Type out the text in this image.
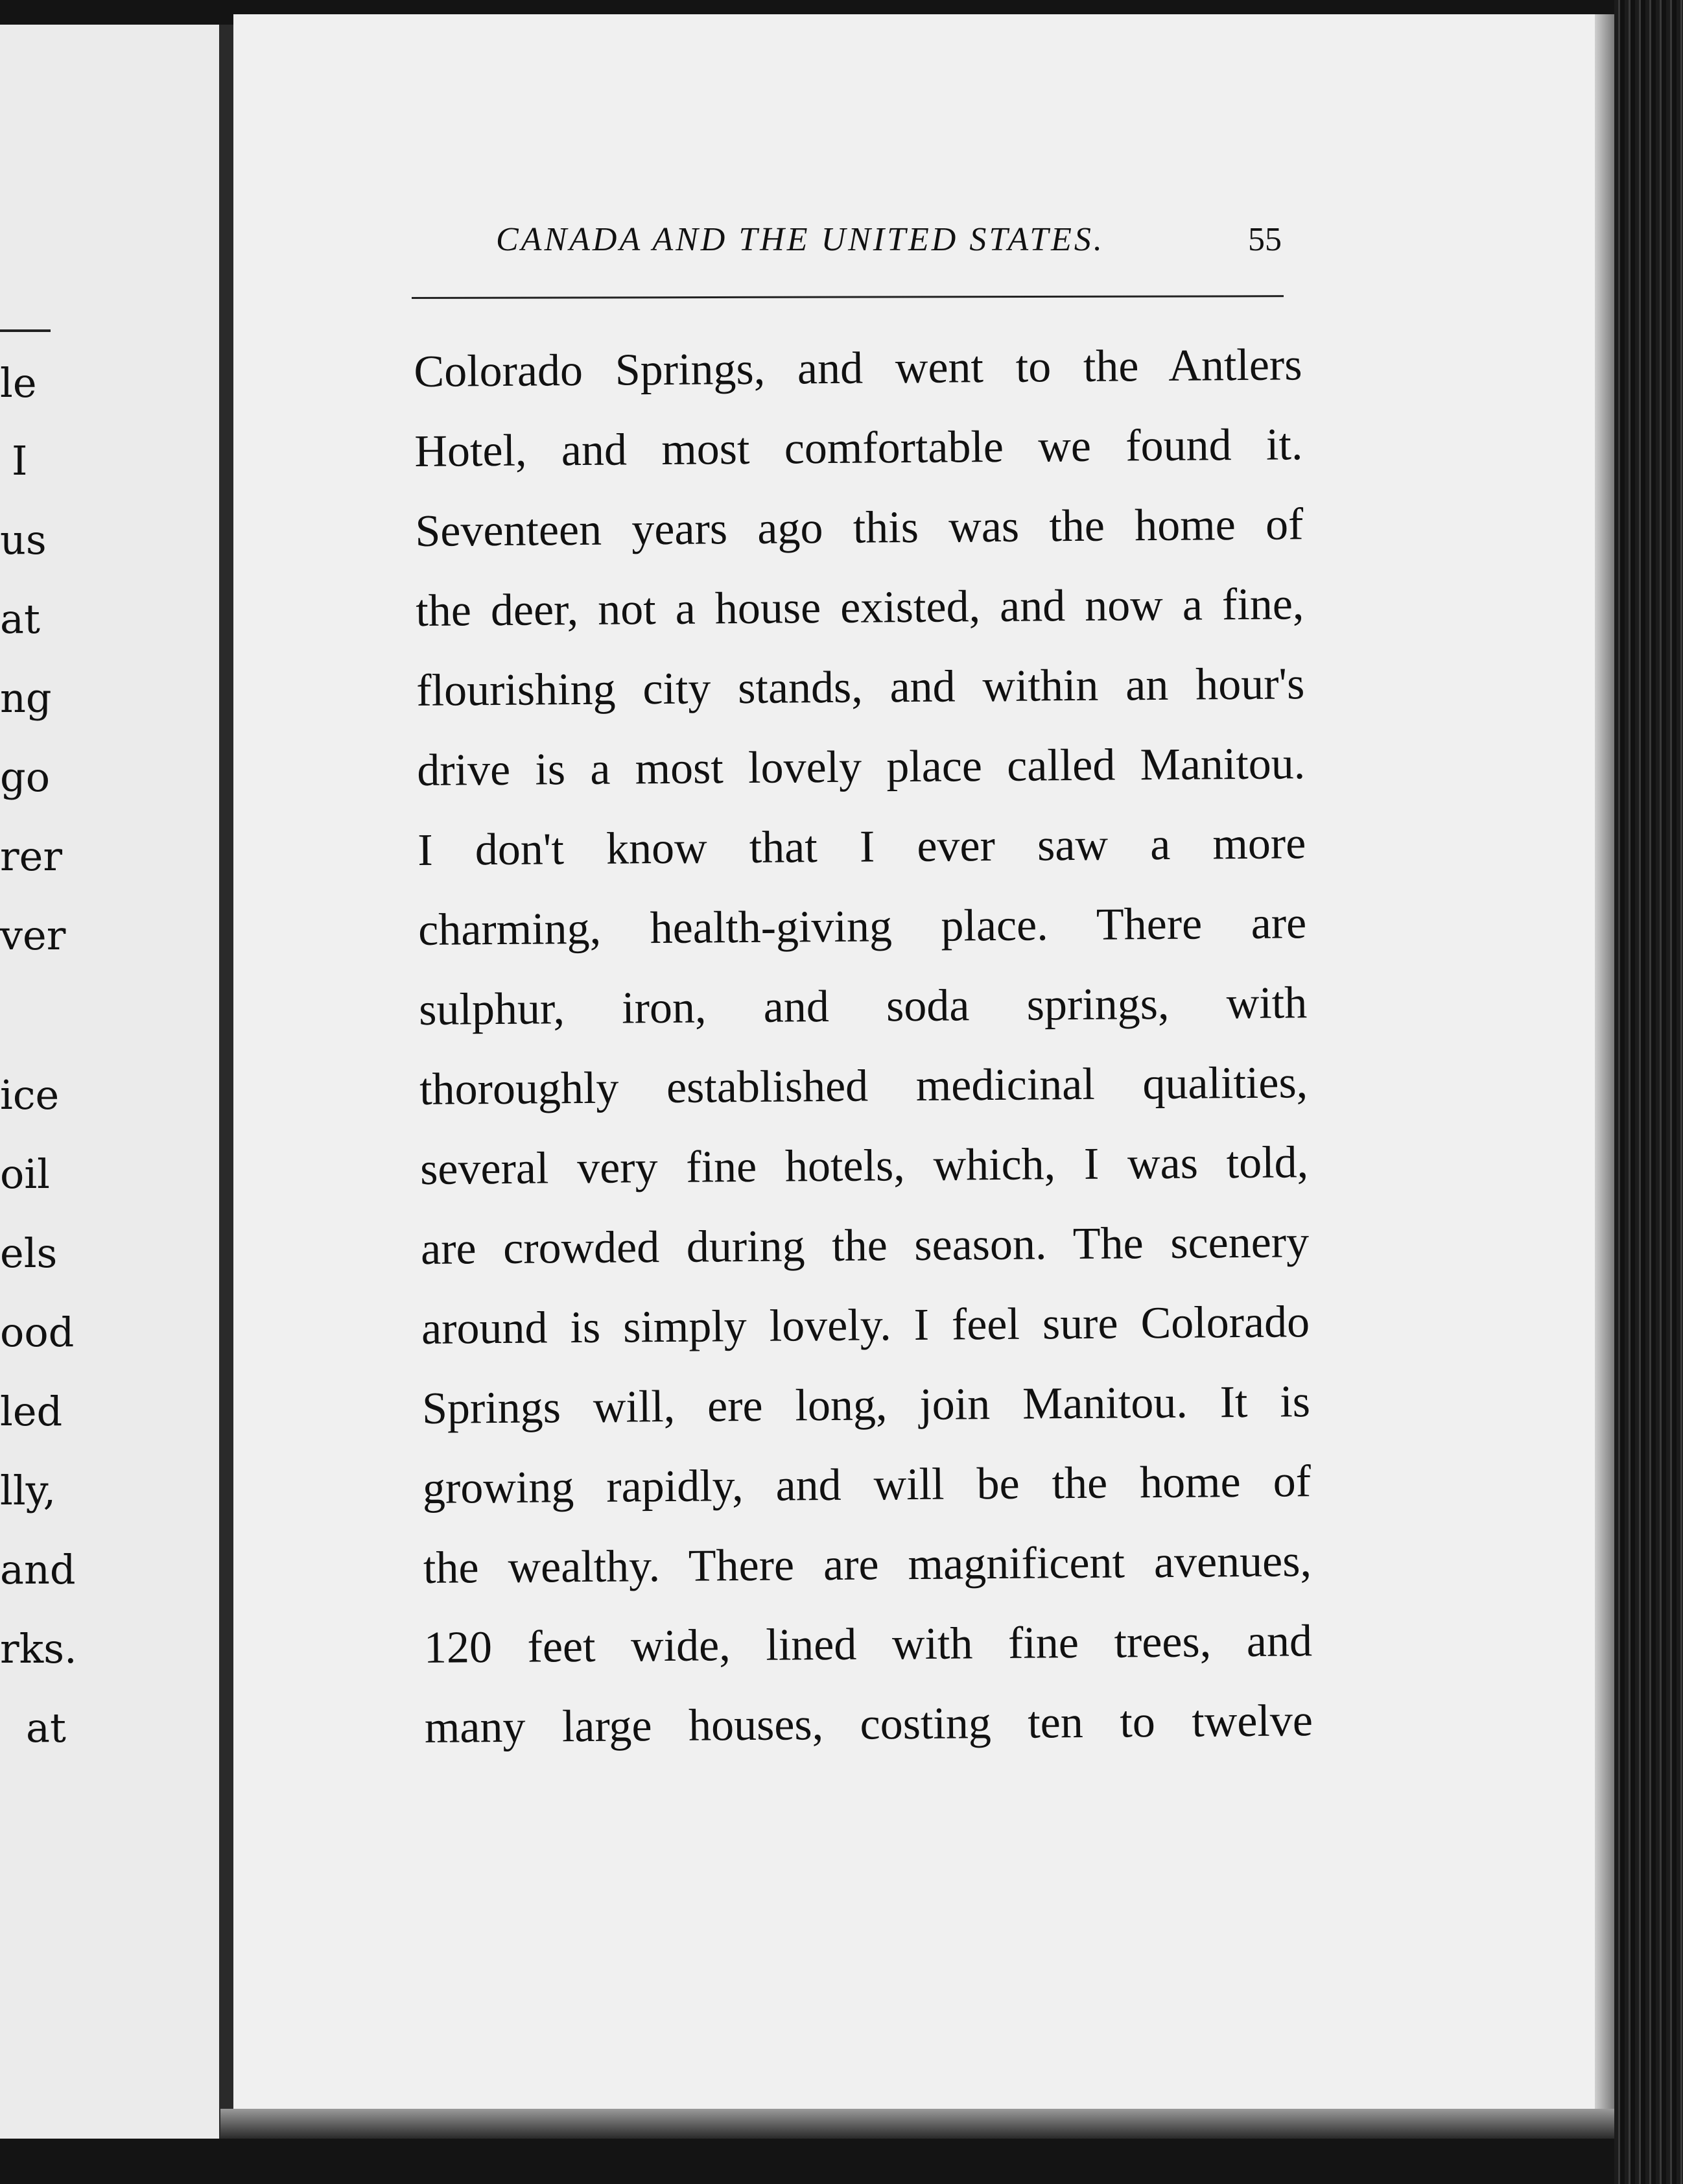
le
I
us
at
ng
go
rer
ver
ice
oil
els
ood
led
lly,
and
rks.
at
CANADA AND THE UNITED STATES.	55
Colorado Springs, and went to the Antlers
Hotel, and most comfortable we found it.
Seventeen years ago this was the home of
the deer, not a house existed, and now a fine,
flourishing city stands, and within an hour's
drive is a most lovely place called Manitou.
I don't know that I ever saw a more
charming, health-giving place. There are
sulphur, iron, and soda springs, with
thoroughly established medicinal qualities,
several very fine hotels, which, I was told,
are crowded during the season. The scenery
around is simply lovely. I feel sure Colorado
Springs will, ere long, join Manitou. It is
growing rapidly, and will be the home of
the wealthy. There are magnificent avenues,
120 feet wide, lined with fine trees, and
many large houses, costing ten to twelve
